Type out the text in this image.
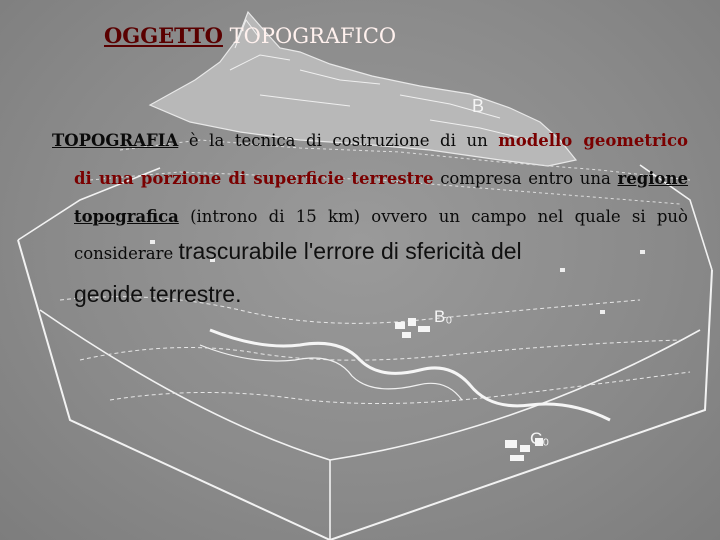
B
B₀
C₀
OGGETTO TOPOGRAFICO
TOPOGRAFIA è la tecnica di costruzione di un modello geometrico
di una porzione di superficie terrestre compresa entro una regione
topografica (introno di 15 km) ovvero un campo nel quale si può
considerare trascurabile l'errore di sfericità del
geoide terrestre.
